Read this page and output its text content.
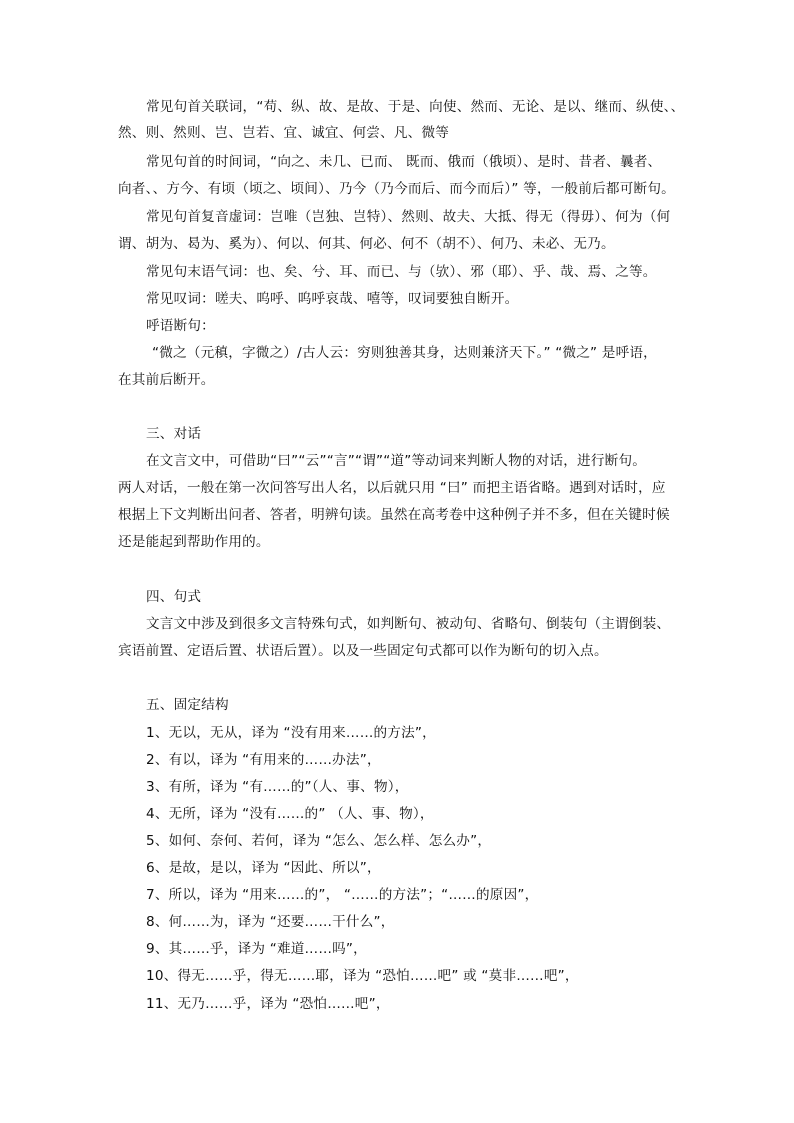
常见句首关联词，“苟、纵、故、是故、于是、向使、然而、无论、是以、继而、纵使、、
然、则、然则、岂、岂若、宜、诚宜、何尝、凡、微等
常见句首的时间词，“向之、未几、已而、 既而、俄而（俄顷）、是时、昔者、曩者、
向者、、方今、有顷（顷之、顷间）、乃今（乃今而后、而今而后）” 等，一般前后都可断句。
常见句首复音虚词：岂唯（岂独、岂特）、然则、故夫、大抵、得无（得毋）、何为（何
谓、胡为、曷为、奚为）、何以、何其、何必、何不（胡不）、何乃、未必、无乃。
常见句末语气词：也、矣、兮、耳、而已、与（欤）、邪（耶）、乎、哉、焉、之等。
常见叹词：嗟夫、呜呼、呜呼哀哉、嘻等，叹词要独自断开。
呼语断句：
“微之（元稹，字微之）/古人云：穷则独善其身，达则兼济天下。” “微之” 是呼语，
在其前后断开。
三、对话
在文言文中，可借助“曰”“云”“言”“谓”“道”等动词来判断人物的对话，进行断句。
两人对话，一般在第一次问答写出人名，以后就只用 “曰” 而把主语省略。遇到对话时，应
根据上下文判断出问者、答者，明辨句读。虽然在高考卷中这种例子并不多，但在关键时候
还是能起到帮助作用的。
四、句式
文言文中涉及到很多文言特殊句式，如判断句、被动句、省略句、倒装句（主谓倒装、
宾语前置、定语后置、状语后置）。以及一些固定句式都可以作为断句的切入点。
五、固定结构
1、无以，无从，译为 “没有用来……的方法”，
2、有以，译为 “有用来的……办法”，
3、有所，译为 “有……的”（人、事、物），
4、无所，译为 “没有……的” （人、事、物），
5、如何、奈何、若何，译为 “怎么、怎么样、怎么办”，
6、是故，是以，译为 “因此、所以”，
7、所以，译为 “用来……的”， “……的方法”；“……的原因”，
8、何……为，译为 “还要……干什么”，
9、其……乎，译为 “难道……吗”，
10、得无……乎，得无……耶，译为 “恐怕……吧” 或 “莫非……吧”，
11、无乃……乎，译为 “恐怕……吧”，
